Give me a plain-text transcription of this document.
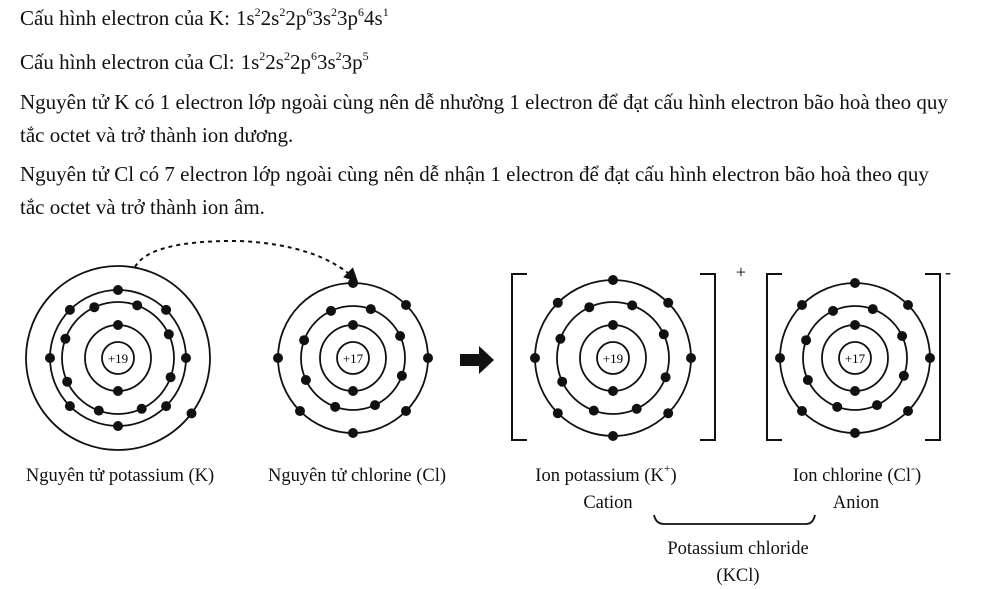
Cấu hình electron của K: $1s^22s^22p^63s^23p^64s^1$
Cấu hình electron của Cl: $1s^22s^22p^63s^23p^5$
Nguyên tử K có 1 electron lớp ngoài cùng nên dễ nhường 1 electron để đạt cấu hình electron bão hoà theo quy tắc octet và trở thành ion dương.
Nguyên tử Cl có 7 electron lớp ngoài cùng nên dễ nhận 1 electron để đạt cấu hình electron bão hoà theo quy tắc octet và trở thành ion âm.
+19	+17	+19	+17
+	-
Nguyên tử potassium (K)	Nguyên tử chlorine (Cl)	Ion potassium (K+)
Cation
Ion chlorine (Cl-)
Anion
Potassium chloride
(KCl)
